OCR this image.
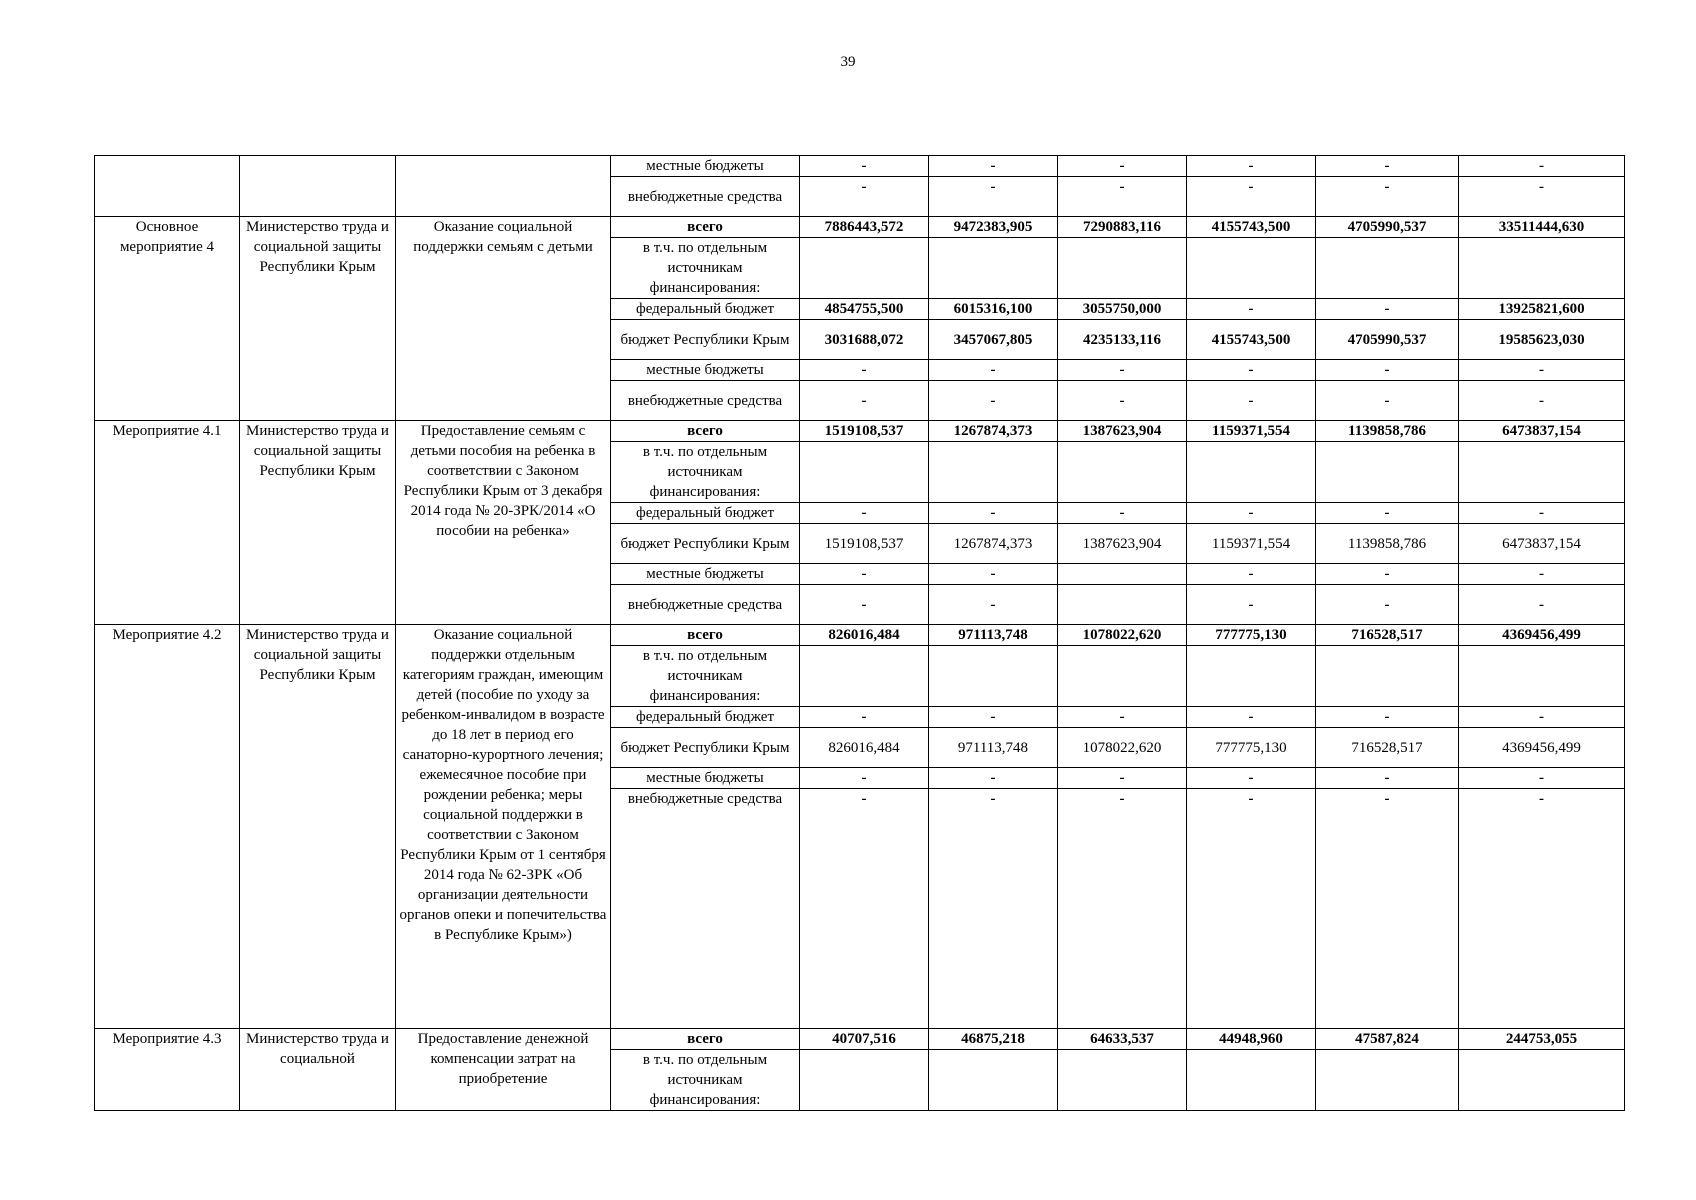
39
			местные бюджеты	-	-	-	-	-	-
			внебюджетные средства	-	-	-	-	-	-
Основное мероприятие 4	Министерство труда и социальной защиты Республики Крым	Оказание социальной поддержки семьям с детьми	всего	7886443,572	9472383,905	7290883,116	4155743,500	4705990,537	33511444,630
			в т.ч. по отдельным источникам финансирования:						
			федеральный бюджет	4854755,500	6015316,100	3055750,000	-	-	13925821,600
			бюджет Республики Крым	3031688,072	3457067,805	4235133,116	4155743,500	4705990,537	19585623,030
			местные бюджеты	-	-	-	-	-	-
			внебюджетные средства	-	-	-	-	-	-
Мероприятие 4.1	Министерство труда и социальной защиты Республики Крым	Предоставление семьям с детьми пособия на ребенка в соответствии с Законом Республики Крым от 3 декабря 2014 года № 20-ЗРК/2014 «О пособии на ребенка»	всего	1519108,537	1267874,373	1387623,904	1159371,554	1139858,786	6473837,154
			в т.ч. по отдельным источникам финансирования:						
			федеральный бюджет	-	-	-	-	-	-
			бюджет Республики Крым	1519108,537	1267874,373	1387623,904	1159371,554	1139858,786	6473837,154
			местные бюджеты	-	-		-	-	-
			внебюджетные средства	-	-		-	-	-
Мероприятие 4.2	Министерство труда и социальной защиты Республики Крым	Оказание социальной поддержки отдельным категориям граждан, имеющим детей (пособие по уходу за ребенком-инвалидом в возрасте до 18 лет в период его санаторно-курортного лечения; ежемесячное пособие при рождении ребенка; меры социальной поддержки в соответствии с Законом Республики Крым от 1 сентября 2014 года № 62-ЗРК «Об организации деятельности органов опеки и попечительства в Республике Крым»)	всего	826016,484	971113,748	1078022,620	777775,130	716528,517	4369456,499
			в т.ч. по отдельным источникам финансирования:						
			федеральный бюджет	-	-	-	-	-	-
			бюджет Республики Крым	826016,484	971113,748	1078022,620	777775,130	716528,517	4369456,499
			местные бюджеты	-	-	-	-	-	-
			внебюджетные средства	-	-	-	-	-	-
Мероприятие 4.3	Министерство труда и социальной	Предоставление денежной компенсации затрат на приобретение	всего	40707,516	46875,218	64633,537	44948,960	47587,824	244753,055
			в т.ч. по отдельным источникам финансирования:						
